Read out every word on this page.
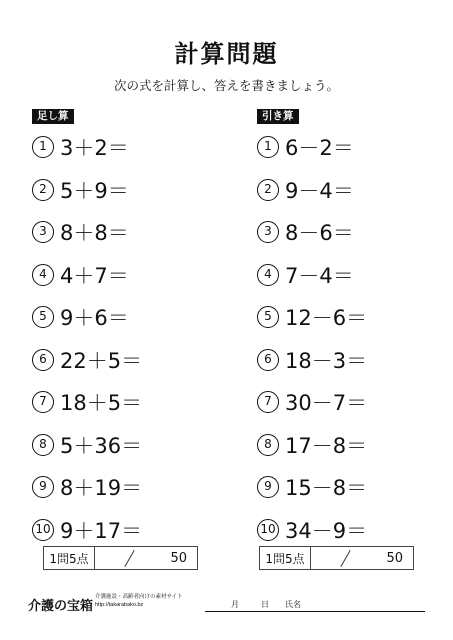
計算問題
次の式を計算し、答えを書きましょう。
足し算
1 3＋2＝
2 5＋9＝
3 8＋8＝
4 4＋7＝
5 9＋6＝
6 22＋5＝
7 18＋5＝
8 5＋36＝
9 8＋19＝
10 9＋17＝
引き算
1 6－2＝
2 9－4＝
3 8－6＝
4 7－4＝
5 12－6＝
6 18－3＝
7 30－7＝
8 17－8＝
9 15－8＝
10 34－9＝
1問5点	50	1問5点	50
介護の宝箱
介護施設・高齢者向けの素材サイト
http://takarabako.bz	月	日 氏名
